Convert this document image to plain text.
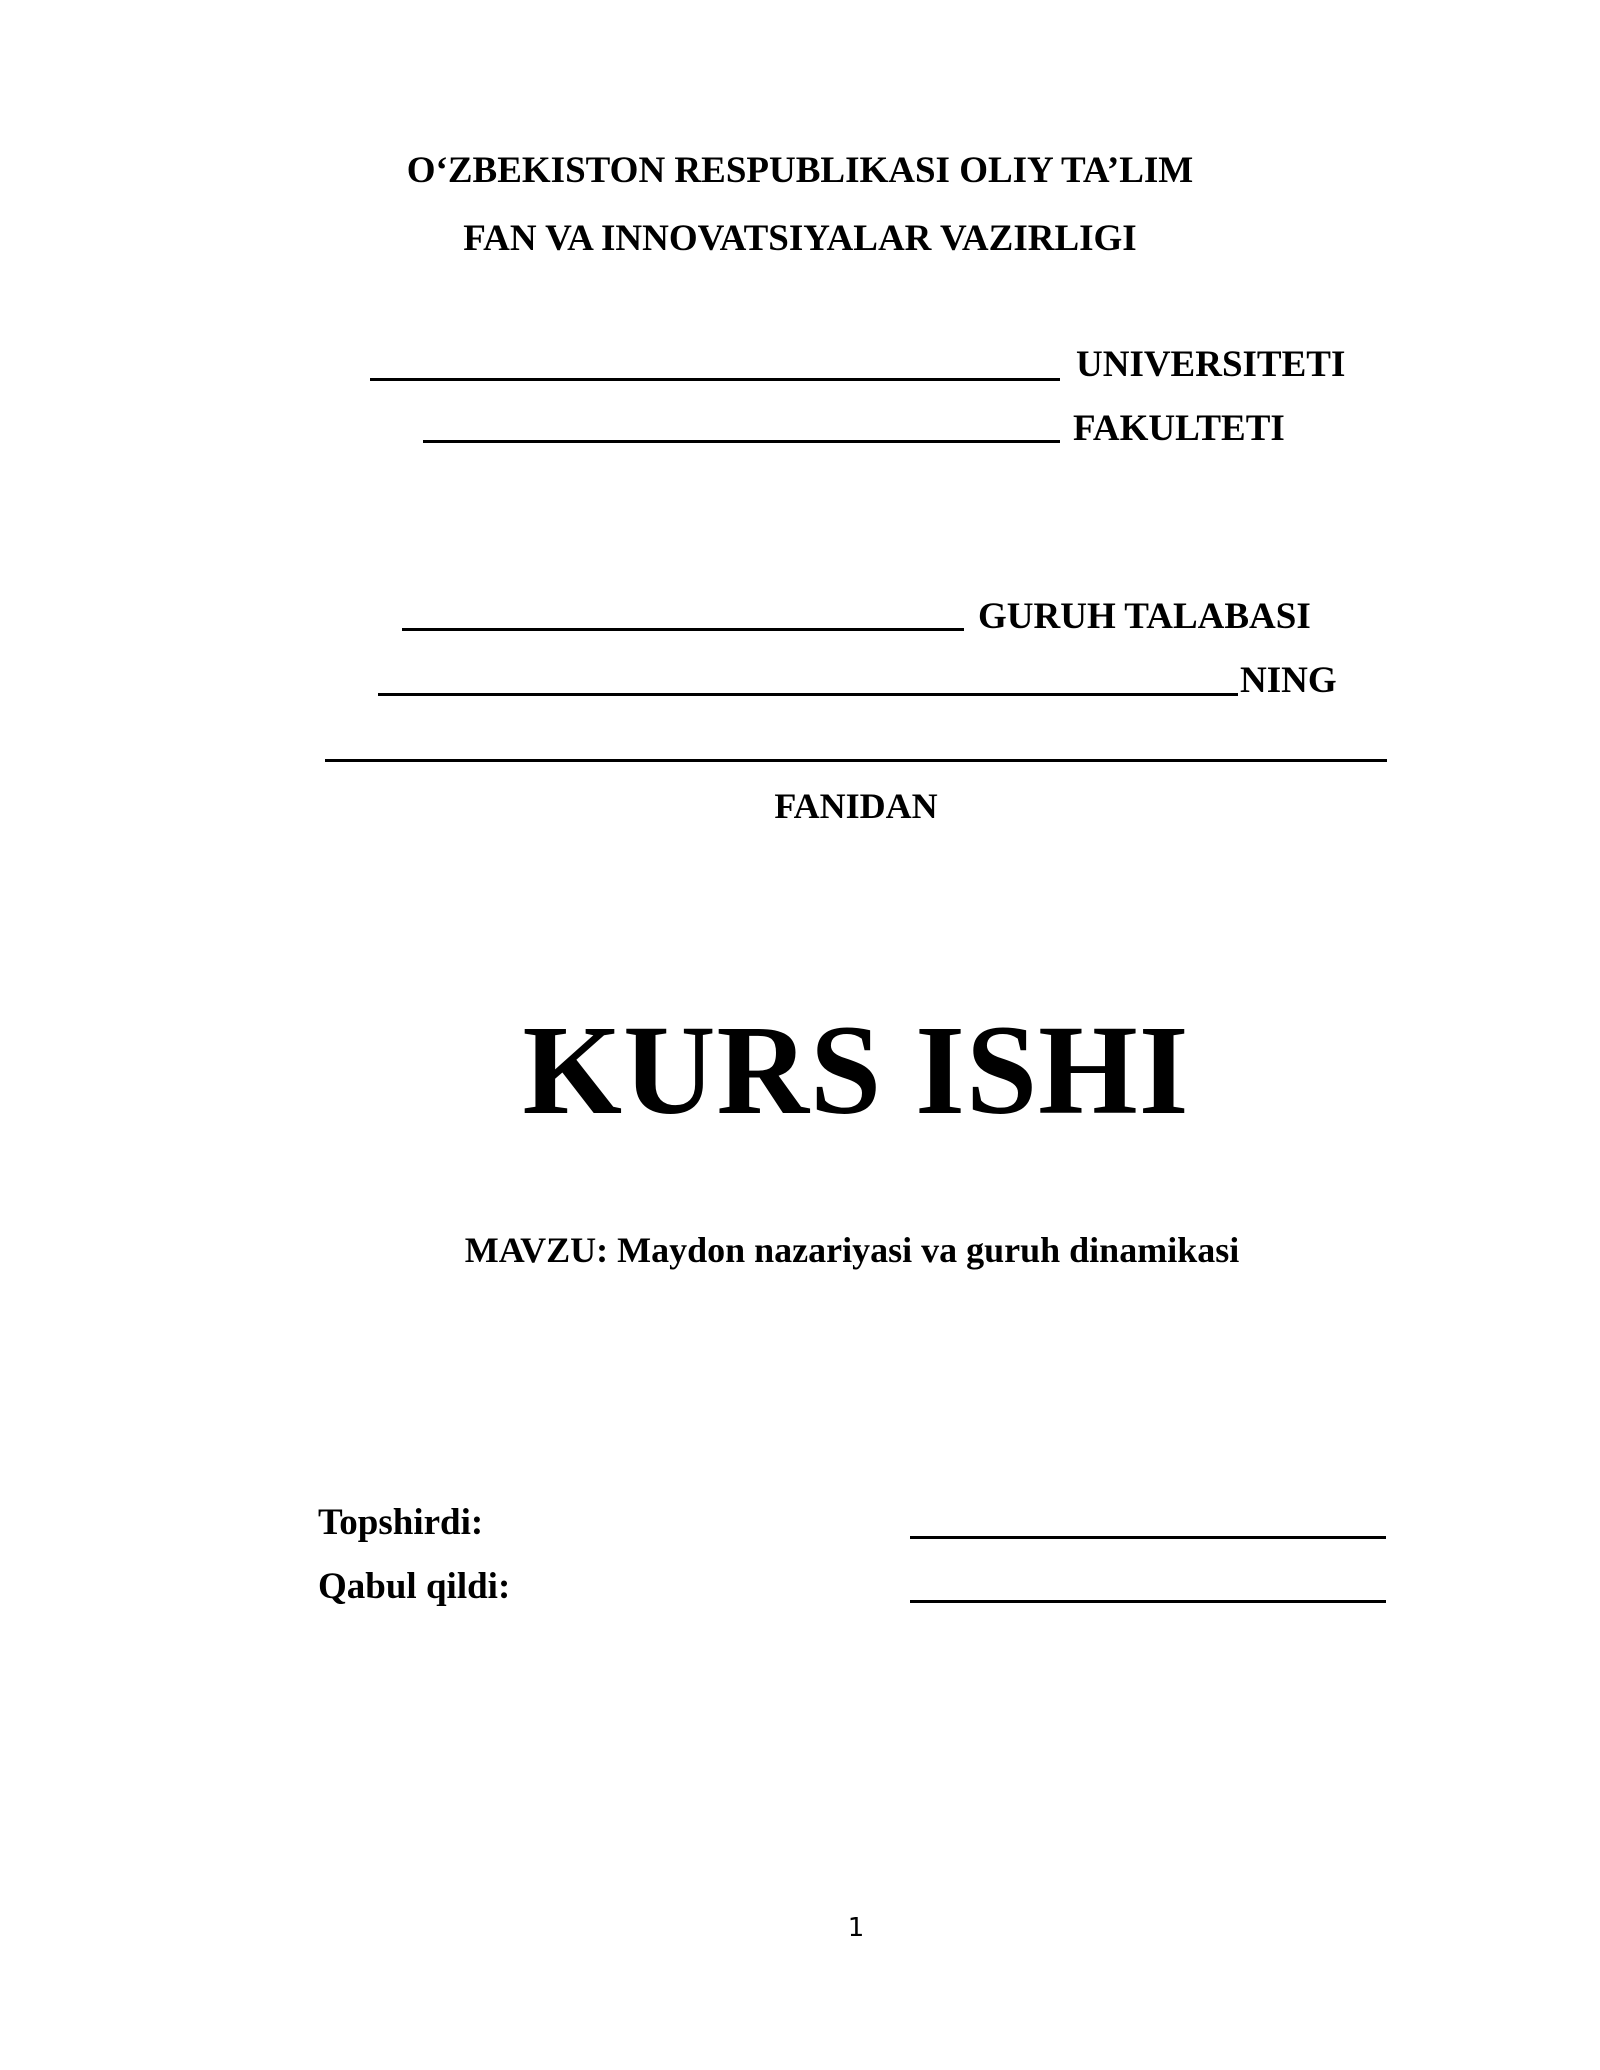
O‘ZBEKISTON RESPUBLIKASI OLIY TA’LIM
FAN VA INNOVATSIYALAR VAZIRLIGI
UNIVERSITETI
FAKULTETI
GURUH TALABASI
NING
FANIDAN
KURS ISHI
MAVZU: Maydon nazariyasi va guruh dinamikasi
Topshirdi:
Qabul qildi:
1
